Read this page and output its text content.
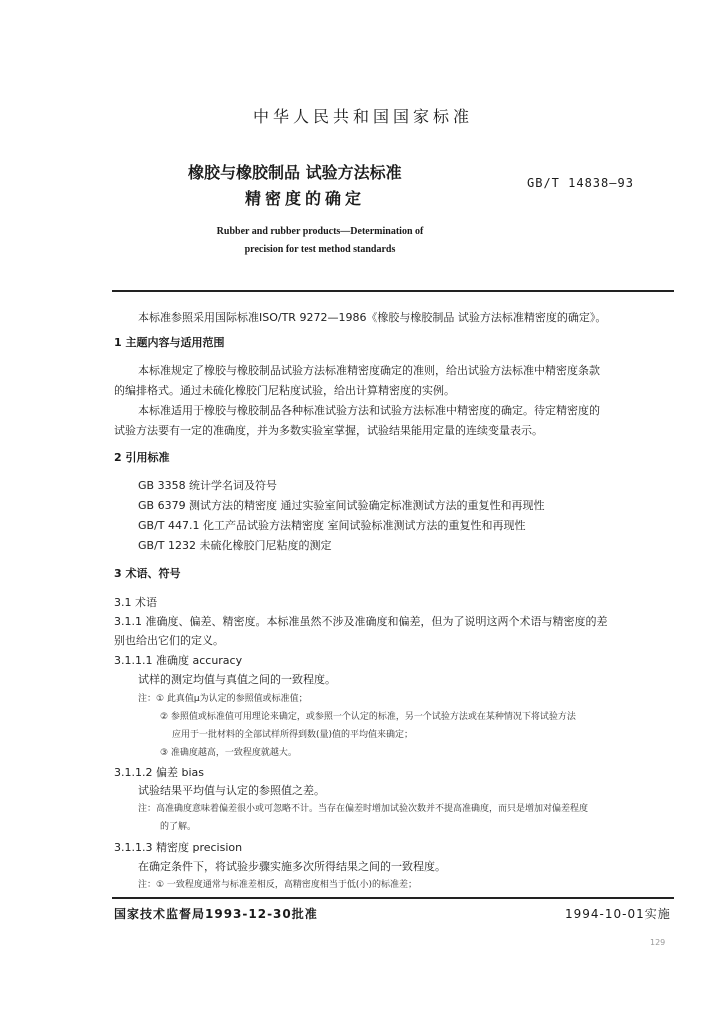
中华人民共和国国家标准
橡胶与橡胶制品 试验方法标准
精密度的确定
GB/T 14838—93
Rubber and rubber products—Determination of
precision for test method standards
本标准参照采用国际标准ISO/TR 9272—1986《橡胶与橡胶制品 试验方法标准精密度的确定》。
1 主题内容与适用范围
本标准规定了橡胶与橡胶制品试验方法标准精密度确定的准则，给出试验方法标准中精密度条款
的编排格式。通过未硫化橡胶门尼粘度试验，给出计算精密度的实例。
本标准适用于橡胶与橡胶制品各种标准试验方法和试验方法标准中精密度的确定。待定精密度的
试验方法要有一定的准确度，并为多数实验室掌握，试验结果能用定量的连续变量表示。
2 引用标准
GB 3358 统计学名词及符号
GB 6379 测试方法的精密度 通过实验室间试验确定标准测试方法的重复性和再现性
GB/T 447.1 化工产品试验方法精密度 室间试验标准测试方法的重复性和再现性
GB/T 1232 未硫化橡胶门尼粘度的测定
3 术语、符号
3.1 术语
3.1.1 准确度、偏差、精密度。本标准虽然不涉及准确度和偏差，但为了说明这两个术语与精密度的差
别也给出它们的定义。
3.1.1.1 准确度 accuracy
试样的测定均值与真值之间的一致程度。
注：① 此真值μ为认定的参照值或标准值；
② 参照值或标准值可用理论来确定，或参照一个认定的标准，另一个试验方法或在某种情况下将试验方法
应用于一批材料的全部试样所得到数(量)值的平均值来确定；
③ 准确度越高，一致程度就越大。
3.1.1.2 偏差 bias
试验结果平均值与认定的参照值之差。
注：高准确度意味着偏差很小或可忽略不计。当存在偏差时增加试验次数并不提高准确度，而只是增加对偏差程度
的了解。
3.1.1.3 精密度 precision
在确定条件下，将试验步骤实施多次所得结果之间的一致程度。
注：① 一致程度通常与标准差相反，高精密度相当于低(小)的标准差；
国家技术监督局1993-12-30批准	1994-10-01实施
129
